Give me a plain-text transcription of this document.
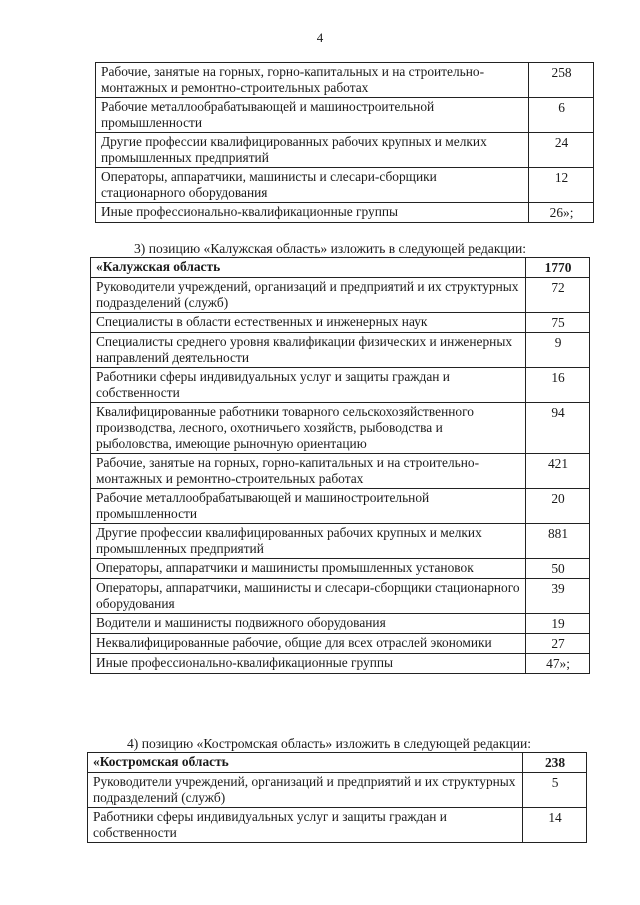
4
Рабочие, занятые на горных, горно-капитальных и на строительно-монтажных и ремонтно-строительных работах	258
Рабочие металлообрабатывающей и машиностроительной промышленности	6
Другие профессии квалифицированных рабочих крупных и мелких промышленных предприятий	24
Операторы, аппаратчики, машинисты и слесари-сборщики стационарного оборудования	12
Иные профессионально-квалификационные группы	26»;
3) позицию «Калужская область» изложить в следующей редакции:
«Калужская область	1770
Руководители учреждений, организаций и предприятий и их структурных подразделений (служб)	72
Специалисты в области естественных и инженерных наук	75
Специалисты среднего уровня квалификации физических и инженерных направлений деятельности	9
Работники сферы индивидуальных услуг и защиты граждан и собственности	16
Квалифицированные работники товарного сельскохозяйственного производства, лесного, охотничьего хозяйств, рыбоводства и рыболовства, имеющие рыночную ориентацию	94
Рабочие, занятые на горных, горно-капитальных и на строительно-монтажных и ремонтно-строительных работах	421
Рабочие металлообрабатывающей и машиностроительной промышленности	20
Другие профессии квалифицированных рабочих крупных и мелких промышленных предприятий	881
Операторы, аппаратчики и машинисты промышленных установок	50
Операторы, аппаратчики, машинисты и слесари-сборщики стационарного оборудования	39
Водители и машинисты подвижного оборудования	19
Неквалифицированные рабочие, общие для всех отраслей экономики	27
Иные профессионально-квалификационные группы	47»;
4) позицию «Костромская область» изложить в следующей редакции:
«Костромская область	238
Руководители учреждений, организаций и предприятий и их структурных подразделений (служб)	5
Работники сферы индивидуальных услуг и защиты граждан и собственности	14
